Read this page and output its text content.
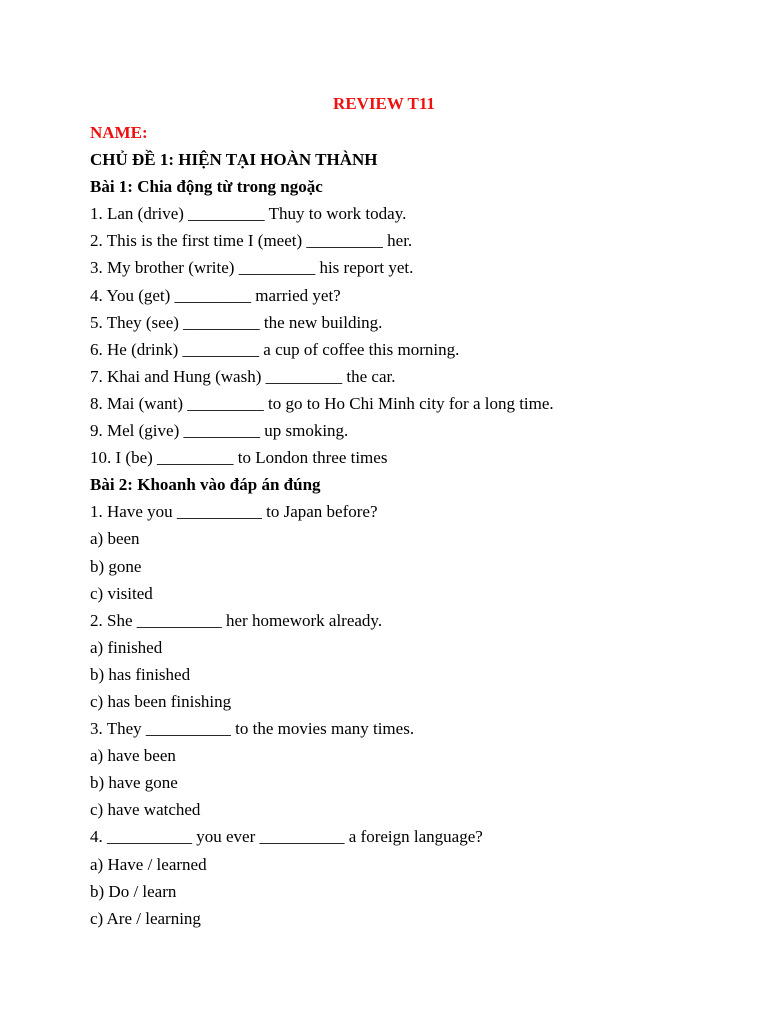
REVIEW T11
NAME:
CHỦ ĐỀ 1: HIỆN TẠI HOÀN THÀNH
Bài 1: Chia động từ trong ngoặc
1. Lan (drive) _________ Thuy to work today.
2. This is the first time I (meet) _________ her.
3. My brother (write) _________ his report yet.
4. You (get) _________ married yet?
5. They (see) _________ the new building.
6. He (drink) _________ a cup of coffee this morning.
7. Khai and Hung (wash) _________ the car.
8. Mai (want) _________ to go to Ho Chi Minh city for a long time.
9. Mel (give) _________ up smoking.
10. I (be) _________ to London three times
Bài 2: Khoanh vào đáp án đúng
1. Have you __________ to Japan before?
a) been
b) gone
c) visited
2. She __________ her homework already.
a) finished
b) has finished
c) has been finishing
3. They __________ to the movies many times.
a) have been
b) have gone
c) have watched
4. __________ you ever __________ a foreign language?
a) Have / learned
b) Do / learn
c) Are / learning
